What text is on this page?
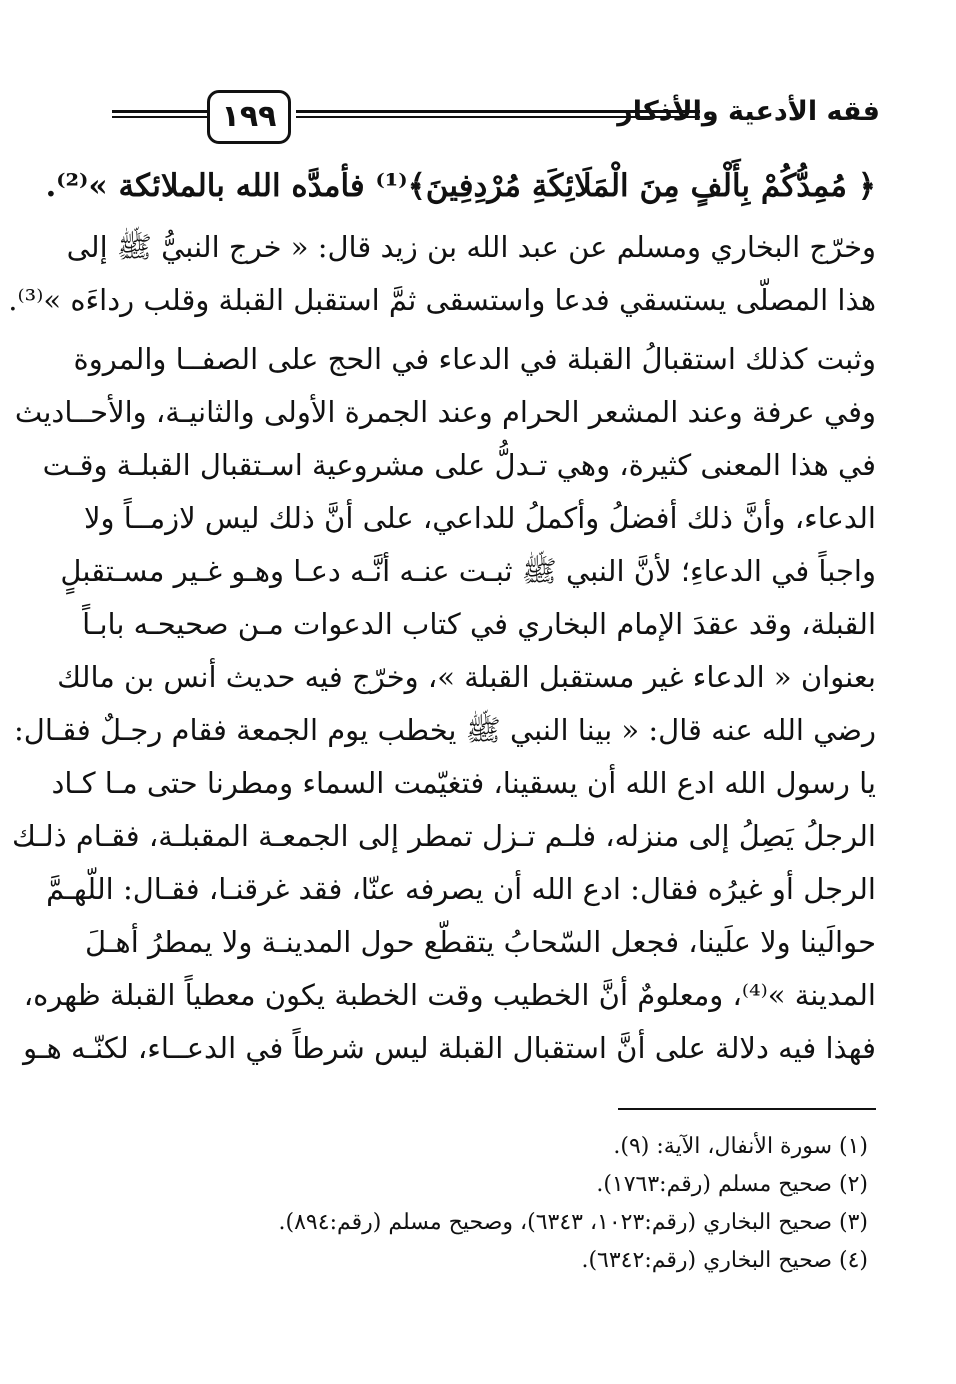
١٩٩	فقه الأدعية والأذكار
﴿ مُمِدُّكُمْ بِأَلْفٍ مِنَ الْمَلَائِكَةِ مُرْدِفِينَ﴾⁽¹⁾ فأمدَّه الله بالملائكة »⁽²⁾.
وخرّج البخاري ومسلم عن عبد الله بن زيد قال: « خرج النبيُّ ﷺ إلى
هذا المصلّى يستسقي فدعا واستسقى ثمَّ استقبل القبلة وقلب رداءَه »⁽³⁾.
وثبت كذلك استقبالُ القبلة في الدعاء في الحج على الصفــا والمروة
وفي عرفة وعند المشعر الحرام وعند الجمرة الأولى والثانيـة، والأحــاديث
في هذا المعنى كثيرة، وهي تـدلُّ على مشروعية اسـتقبال القبلـة وقـت
الدعاء، وأنَّ ذلك أفضلُ وأكملُ للداعي، على أنَّ ذلك ليس لازمــاً ولا
واجباً في الدعاءِ؛ لأنَّ النبي ﷺ ثبـت عنـه أنَّـه دعـا وهـو غـير مسـتقبلٍ
القبلة، وقد عقدَ الإمام البخاري في كتاب الدعوات مـن صحيحـه بابـاً
بعنوان « الدعاء غير مستقبل القبلة »، وخرّج فيه حديث أنس بن مالك
رضي الله عنه قال: « بينا النبي ﷺ يخطب يوم الجمعة فقام رجـلٌ فقـال:
يا رسول الله ادع الله أن يسقينا، فتغيّمت السماء ومطرنا حتى مـا كـاد
الرجلُ يَصِلُ إلى منزله، فلـم تـزل تمطر إلى الجمعـة المقبلـة، فقـام ذلـك
الرجل أو غيرُه فقال: ادع الله أن يصرفه عنّا، فقد غرقنـا، فقـال: اللّهـمَّ
حوالَينا ولا علَينا، فجعل السّحابُ يتقطّع حول المدينـة ولا يمطرُ أهـلَ
المدينة »⁽⁴⁾، ومعلومٌ أنَّ الخطيب وقت الخطبة يكون معطياً القبلة ظهره،
فهذا فيه دلالة على أنَّ استقبال القبلة ليس شرطاً في الدعــاء، لكنّـه هـو
(١) سورة الأنفال، الآية: (٩).
(٢) صحيح مسلم (رقم:١٧٦٣).
(٣) صحيح البخاري (رقم:١٠٢٣، ٦٣٤٣)، وصحيح مسلم (رقم:٨٩٤).
(٤) صحيح البخاري (رقم:٦٣٤٢).
